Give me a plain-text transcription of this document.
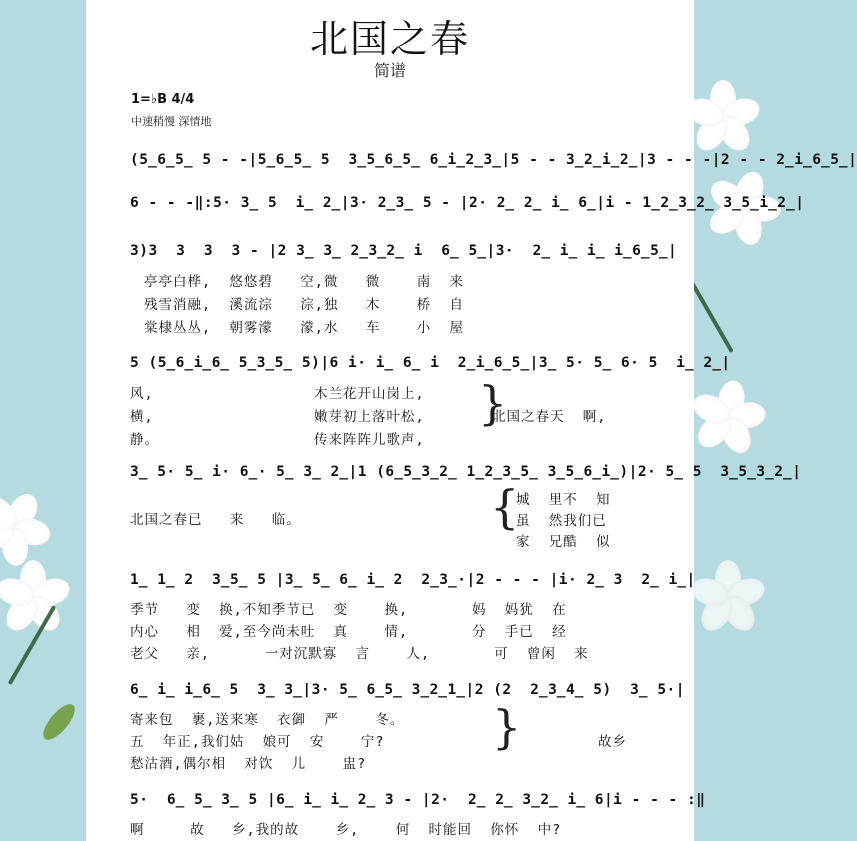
北国之春
简谱
1=♭B 4/4
中速稍慢 深情地
(5̲6̲5̲ 5 - -|5̲6̲5̲ 5  3̲5̲6̲5̲ 6̲i̲2̲3̲|5 - - 3̲2̲i̲2̲|3 - - -|2 - - 2̲i̲6̲5̲|
6 - - -‖:5· 3̲ 5  i̲ 2̲|3· 2̲3̲ 5 - |2· 2̲ 2̲ i̲ 6̲|i - 1̲2̲3̲2̲ 3̲5̲i̲2̲|
3)3  3  3  3 - |2 3̲ 3̲ 2̲3̲2̲ i  6̲ 5̲|3·  2̲ i̲ i̲ i̲6̲5̲|
亭亭白桦,  悠悠碧   空,微   微    南  来
残雪消融,  溪流淙   淙,独   木    桥  自
棠棣丛丛,  朝雾濛   濛,水   车    小  屋
5 (5̲6̲i̲6̲ 5̲3̲5̲ 5)|6 i· i̲ 6̲ i  2̲i̲6̲5̲|3̲ 5· 5̲ 6· 5  i̲ 2̲|
风,
横,
静。
木兰花开山岗上,
嫩芽初上落叶松,
传来阵阵儿歌声,
}
北国之春天  啊,
3̲ 5· 5̲ i· 6̲· 5̲ 3̲ 2̲|1 (6̲5̲3̲2̲ 1̲2̲3̲5̲ 3̲5̲6̲i̲)|2· 5̲ 5  3̲5̲3̲2̲|
北国之春已   来   临。	{
城  里不  知
虽  然我们已
家  兄酷  似
1̲ 1̲ 2  3̲5̲ 5 |3̲ 5̲ 6̲ i̲ 2  2̲3̲·|2 - - - |i· 2̲ 3  2̲ i̲|
季节   变  换,不知季节已  变    换,       妈  妈犹  在
内心   相  爱,至今尚未吐  真    情,       分  手已  经
老父   亲,      一对沉默寡  言    人,       可  曾闲  来
6̲ i̲ i̲6̲ 5  3̲ 3̲|3· 5̲ 6̲5̲ 3̲2̲1̲|2 (2  2̲3̲4̲ 5)  3̲ 5·|
寄来包  裹,送来寒  衣御  严    冬。
五  年正,我们姑  娘可  安    宁?
愁沽酒,偶尔相  对饮  儿    盅?
}	故乡
5·  6̲ 5̲ 3̲ 5 |6̲ i̲ i̲ 2̲ 3 - |2·  2̲ 2̲ 3̲2̲ i̲ 6|i - - - :‖
啊     故   乡,我的故    乡,    何  时能回  你怀  中?
